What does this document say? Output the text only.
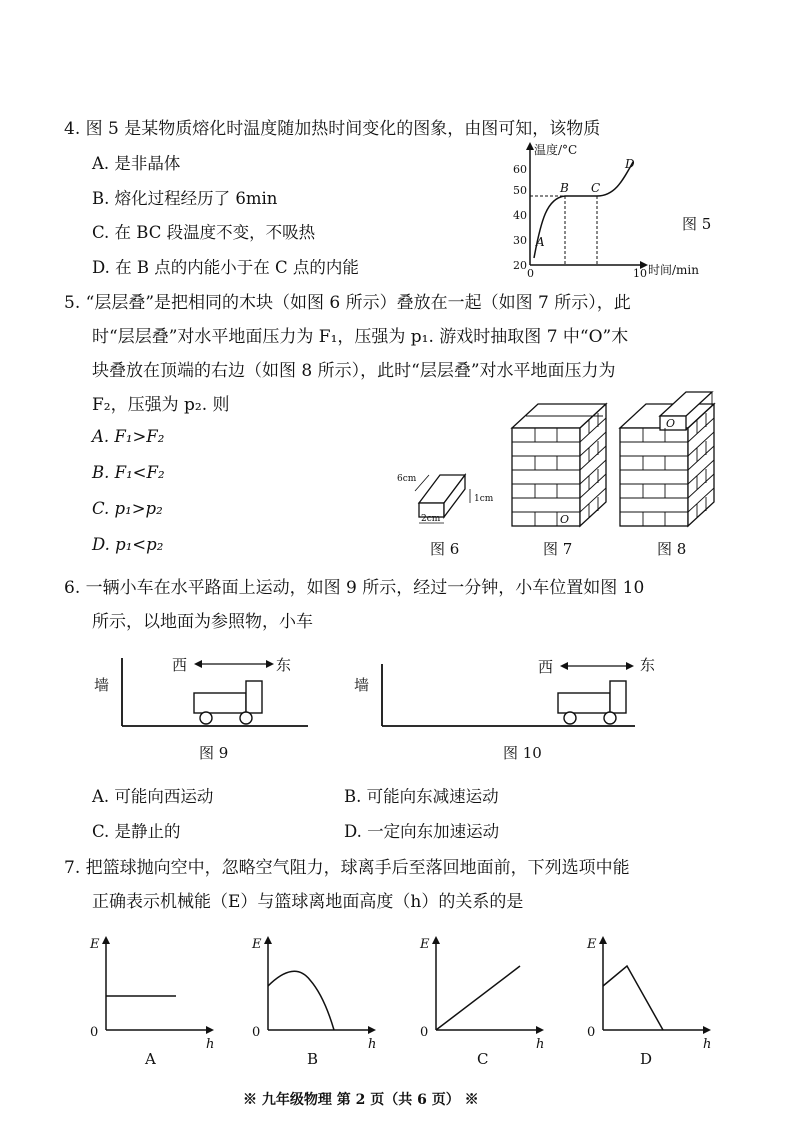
4. 图 5 是某物质熔化时温度随加热时间变化的图象，由图可知，该物质
A. 是非晶体
B. 熔化过程经历了 6min
C. 在 BC 段温度不变，不吸热
D. 在 B 点的内能小于在 C 点的内能
温度/°C
时间/min
20
30
40
50
60
0	10
A
B C
D
图 5
5. “层层叠”是把相同的木块（如图 6 所示）叠放在一起（如图 7 所示），此
时“层层叠”对水平地面压力为 F₁，压强为 p₁. 游戏时抽取图 7 中“O”木
块叠放在顶端的右边（如图 8 所示），此时“层层叠”对水平地面压力为
F₂，压强为 p₂. 则
A. F₁>F₂
B. F₁<F₂
C. p₁>p₂
D. p₁<p₂
6cm
1cm
2cm
图 6
O
图 7
O
图 8
6. 一辆小车在水平路面上运动，如图 9 所示，经过一分钟，小车位置如图 10
所示，以地面为参照物，小车
墙
西	东
图 9
墙
西	东
图 10
A. 可能向西运动	B. 可能向东减速运动
C. 是静止的	D. 一定向东加速运动
7. 把篮球抛向空中，忽略空气阻力，球离手后至落回地面前，下列选项中能
正确表示机械能（E）与篮球离地面高度（h）的关系的是
E
0
h
A
E
0
h
B
E
0
h
C
E
0
h
D
※ 九年级物理 第 2 页（共 6 页） ※
